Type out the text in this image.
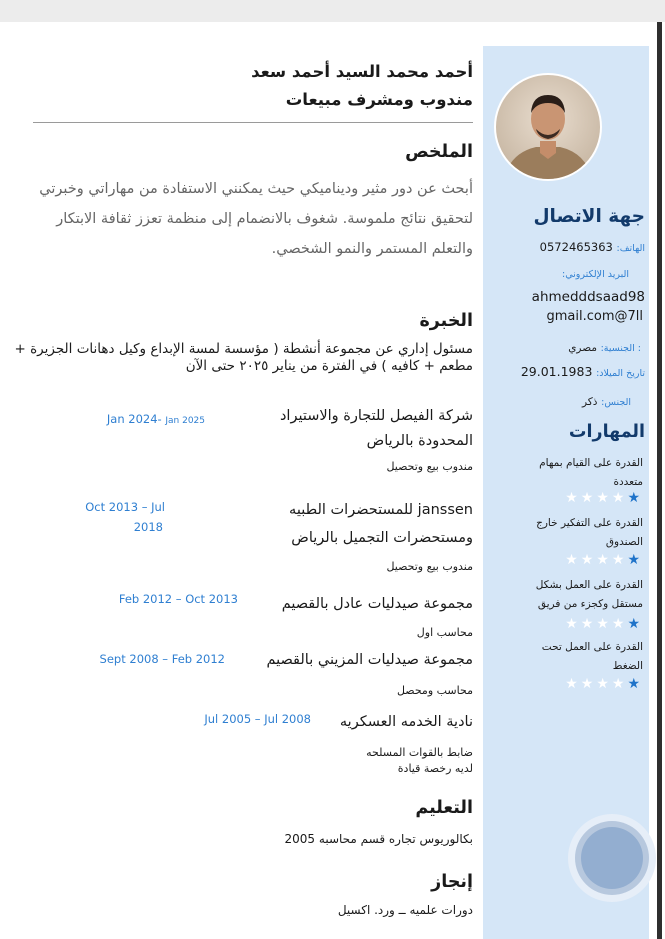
جهة الاتصال
الهاتف: 0572465363
البريد الإلكتروني:
ahmedddsaad98
gmail.com@7ll
: الجنسية: مصري
تاريخ الميلاد: 29.01.1983
الجنس: ذكر
المهارات
القدرة على القيام بمهام
متعددة
★★★★★
القدرة على التفكير خارج
الصندوق
★★★★★
القدرة على العمل بشكل
مستقل وكجزء من فريق
★★★★★
القدرة على العمل تحت
الضغط
★★★★★
أحمد محمد السيد أحمد سعد
مندوب ومشرف مبيعات
الملخص
أبحث عن دور مثير وديناميكي حيث يمكنني الاستفادة من مهاراتي وخبرتي لتحقيق نتائج ملموسة. شغوف بالانضمام إلى منظمة تعزز ثقافة الابتكار والتعلم المستمر والنمو الشخصي.
الخبرة
مسئول إداري عن مجموعة أنشطة ( مؤسسة لمسة الإبداع وكيل دهانات الجزيرة + مطعم + كافيه ) في الفترة من يناير ٢٠٢٥ حتى الآن
شركة الفيصل للتجارة والاستيراد
المحدودة بالرياض
مندوب بيع وتحصيل
Jan 2024- Jan 2025
janssen للمستحضرات الطبيه
ومستحضرات التجميل بالرياض
مندوب بيع وتحصيل
Oct 2013 – Jul
2018
مجموعة صيدليات عادل بالقصيم
محاسب اول
Feb 2012 – Oct 2013
مجموعة صيدليات المزيني بالقصيم
محاسب ومحصل
Sept 2008 – Feb 2012
نادية الخدمه العسكريه
ضابط بالقوات المسلحه
لديه رخصة قيادة
Jul 2005 – Jul 2008
التعليم
بكالوريوس تجاره قسم محاسبه 2005
إنجاز
دورات علميه ــ ورد. اكسيل
